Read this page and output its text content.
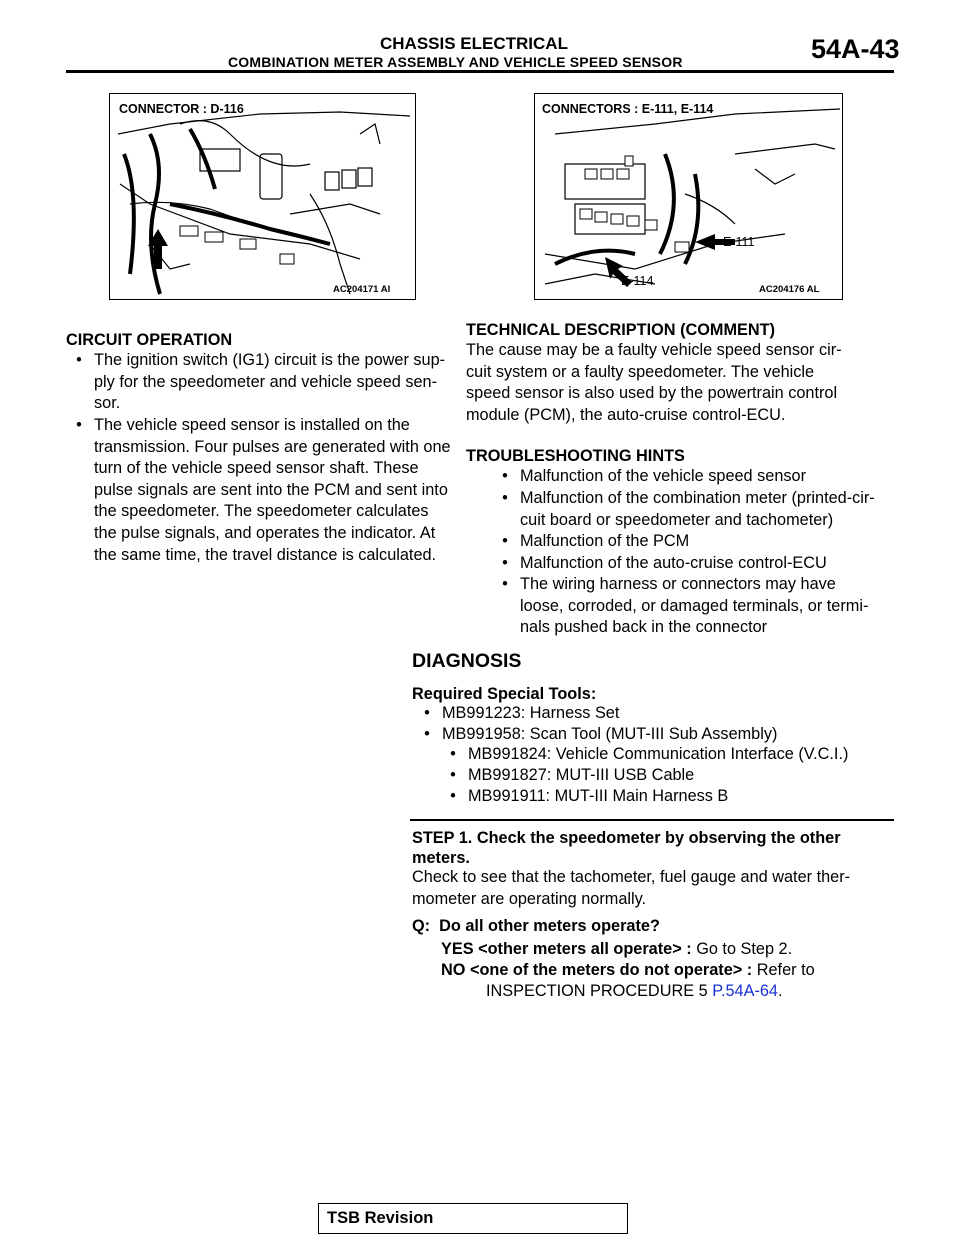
CHASSIS ELECTRICAL
COMBINATION METER ASSEMBLY AND VEHICLE SPEED SENSOR	54A-43
CONNECTOR : D-116
AC204171 AI
CONNECTORS : E-111, E-114
E-111
E-114
AC204176 AL
CIRCUIT OPERATION
• The ignition switch (IG1) circuit is the power sup-
ply for the speedometer and vehicle speed sen-
sor.
• The vehicle speed sensor is installed on the
transmission. Four pulses are generated with one
turn of the vehicle speed sensor shaft. These
pulse signals are sent into the PCM and sent into
the speedometer. The speedometer calculates
the pulse signals, and operates the indicator. At
the same time, the travel distance is calculated.
TECHNICAL DESCRIPTION (COMMENT)
The cause may be a faulty vehicle speed sensor cir-
cuit system or a faulty speedometer. The vehicle
speed sensor is also used by the powertrain control
module (PCM), the auto-cruise control-ECU.
TROUBLESHOOTING HINTS
• Malfunction of the vehicle speed sensor
• Malfunction of the combination meter (printed-cir-
cuit board or speedometer and tachometer)
• Malfunction of the PCM
• Malfunction of the auto-cruise control-ECU
• The wiring harness or connectors may have
loose, corroded, or damaged terminals, or termi-
nals pushed back in the connector
DIAGNOSIS
Required Special Tools:
• MB991223: Harness Set
• MB991958: Scan Tool (MUT-III Sub Assembly)
• MB991824: Vehicle Communication Interface (V.C.I.)
• MB991827: MUT-III USB Cable
• MB991911: MUT-III Main Harness B
STEP 1. Check the speedometer by observing the other
meters.
Check to see that the tachometer, fuel gauge and water ther-
mometer are operating normally.
Q:  Do all other meters operate?
YES <other meters all operate> : Go to Step 2.
NO <one of the meters do not operate> : Refer to
INSPECTION PROCEDURE 5 P.54A-64.
TSB Revision
